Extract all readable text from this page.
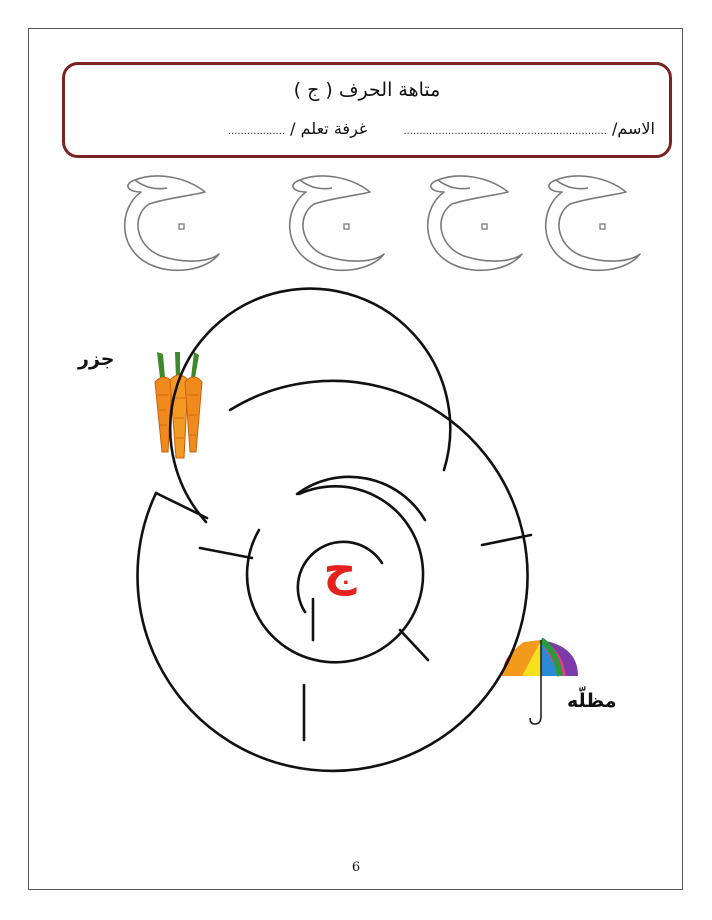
متاهة الحرف ( ج )
الاسم/ ................................................................  غرفة تعلم / ..................
ج
جزر
مظلّه
6
